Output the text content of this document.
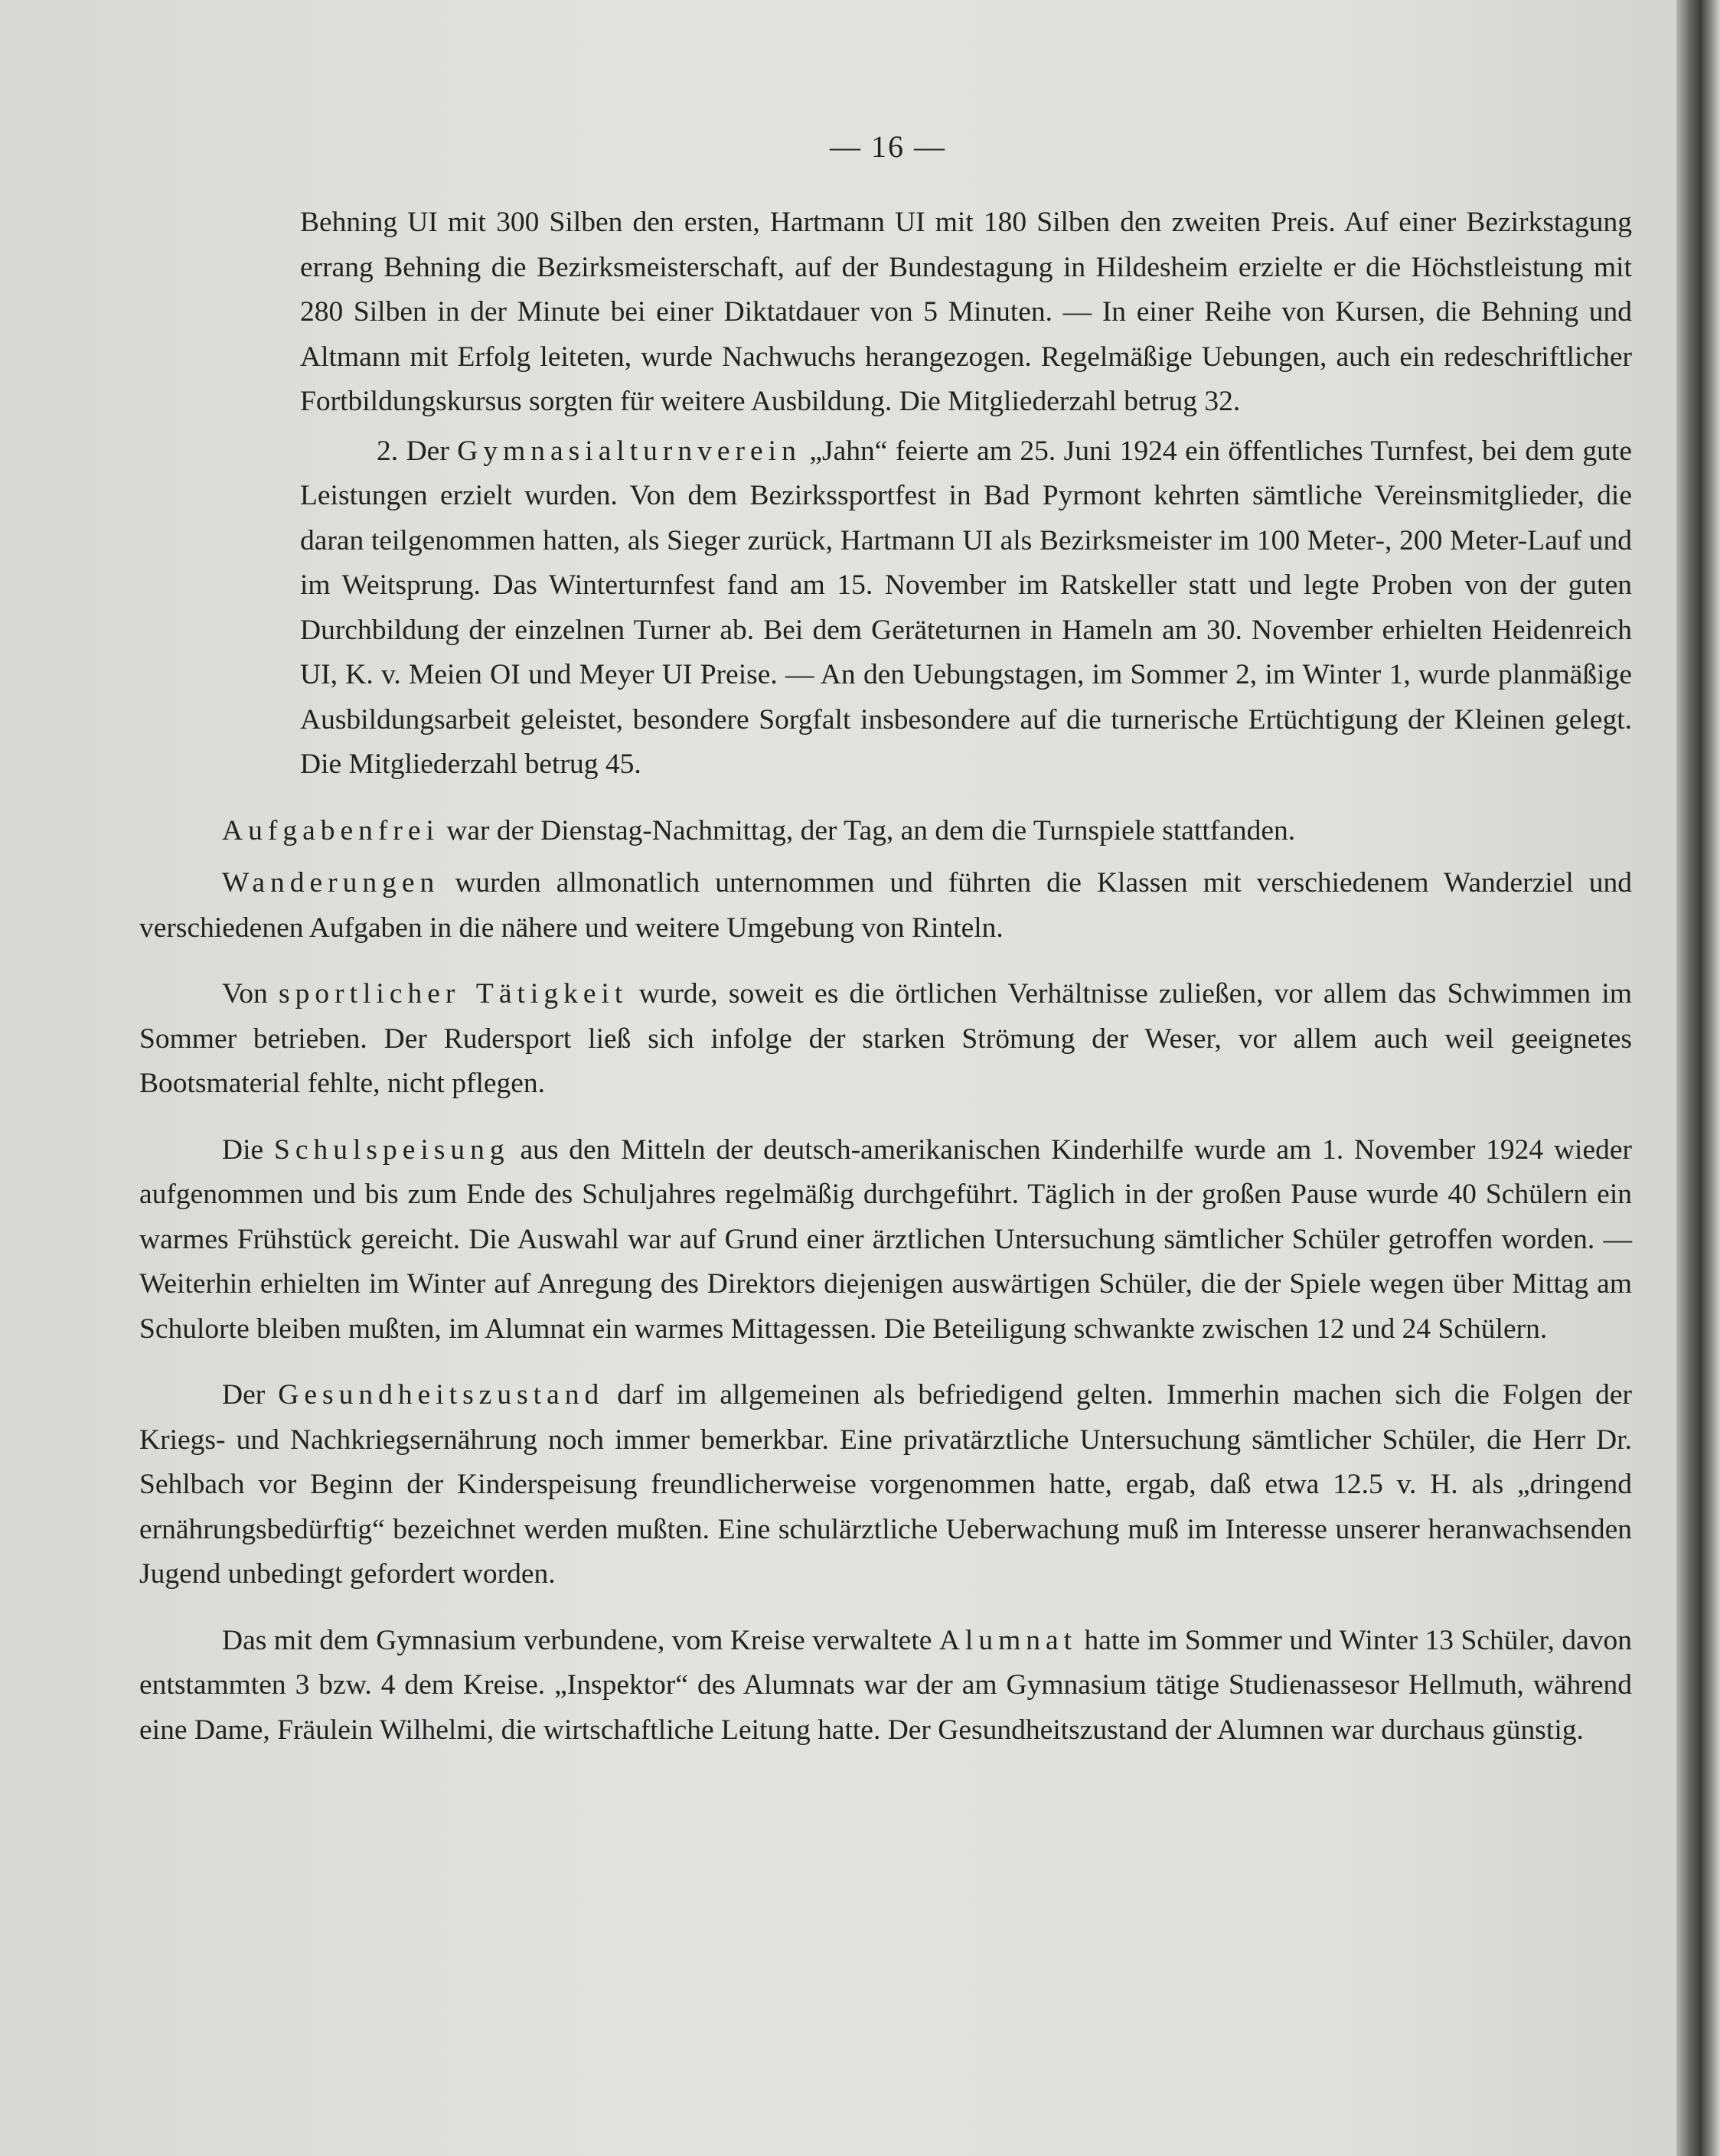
— 16 —

Behning UI mit 300 Silben den ersten, Hartmann UI mit 180 Silben den zweiten Preis. Auf einer Bezirkstagung errang Behning die Bezirksmeisterschaft, auf der Bundestagung in Hildesheim erzielte er die Höchstleistung mit 280 Silben in der Minute bei einer Diktatdauer von 5 Minuten. — In einer Reihe von Kursen, die Behning und Altmann mit Erfolg leiteten, wurde Nachwuchs herangezogen. Regelmäßige Uebungen, auch ein redeschriftlicher Fortbildungskursus sorgten für weitere Ausbildung. Die Mitgliederzahl betrug 32.

2. Der Gymnasialturnverein „Jahn“ feierte am 25. Juni 1924 ein öffentliches Turnfest, bei dem gute Leistungen erzielt wurden. Von dem Bezirkssportfest in Bad Pyrmont kehrten sämtliche Vereinsmitglieder, die daran teilgenommen hatten, als Sieger zurück, Hartmann UI als Bezirksmeister im 100 Meter-, 200 Meter-Lauf und im Weitsprung. Das Winterturnfest fand am 15. November im Ratskeller statt und legte Proben von der guten Durchbildung der einzelnen Turner ab. Bei dem Geräteturnen in Hameln am 30. November erhielten Heidenreich UI, K. v. Meien OI und Meyer UI Preise. — An den Uebungstagen, im Sommer 2, im Winter 1, wurde planmäßige Ausbildungsarbeit geleistet, besondere Sorgfalt insbesondere auf die turnerische Ertüchtigung der Kleinen gelegt. Die Mitgliederzahl betrug 45.

Aufgabenfrei war der Dienstag-Nachmittag, der Tag, an dem die Turnspiele stattfanden.

Wanderungen wurden allmonatlich unternommen und führten die Klassen mit verschiedenem Wanderziel und verschiedenen Aufgaben in die nähere und weitere Umgebung von Rinteln.

Von sportlicher Tätigkeit wurde, soweit es die örtlichen Verhältnisse zuließen, vor allem das Schwimmen im Sommer betrieben. Der Rudersport ließ sich infolge der starken Strömung der Weser, vor allem auch weil geeignetes Bootsmaterial fehlte, nicht pflegen.

Die Schulspeisung aus den Mitteln der deutsch-amerikanischen Kinderhilfe wurde am 1. November 1924 wieder aufgenommen und bis zum Ende des Schuljahres regelmäßig durchgeführt. Täglich in der großen Pause wurde 40 Schülern ein warmes Frühstück gereicht. Die Auswahl war auf Grund einer ärztlichen Untersuchung sämtlicher Schüler getroffen worden. — Weiterhin erhielten im Winter auf Anregung des Direktors diejenigen auswärtigen Schüler, die der Spiele wegen über Mittag am Schulorte bleiben mußten, im Alumnat ein warmes Mittagessen. Die Beteiligung schwankte zwischen 12 und 24 Schülern.

Der Gesundheitszustand darf im allgemeinen als befriedigend gelten. Immerhin machen sich die Folgen der Kriegs- und Nachkriegsernährung noch immer bemerkbar. Eine privatärztliche Untersuchung sämtlicher Schüler, die Herr Dr. Sehlbach vor Beginn der Kinderspeisung freundlicherweise vorgenommen hatte, ergab, daß etwa 12.5 v. H. als „dringend ernährungsbedürftig“ bezeichnet werden mußten. Eine schulärztliche Ueberwachung muß im Interesse unserer heranwachsenden Jugend unbedingt gefordert worden.

Das mit dem Gymnasium verbundene, vom Kreise verwaltete Alumnat hatte im Sommer und Winter 13 Schüler, davon entstammten 3 bzw. 4 dem Kreise. „Inspektor“ des Alumnats war der am Gymnasium tätige Studienassesor Hellmuth, während eine Dame, Fräulein Wilhelmi, die wirtschaftliche Leitung hatte. Der Gesundheitszustand der Alumnen war durchaus günstig.
